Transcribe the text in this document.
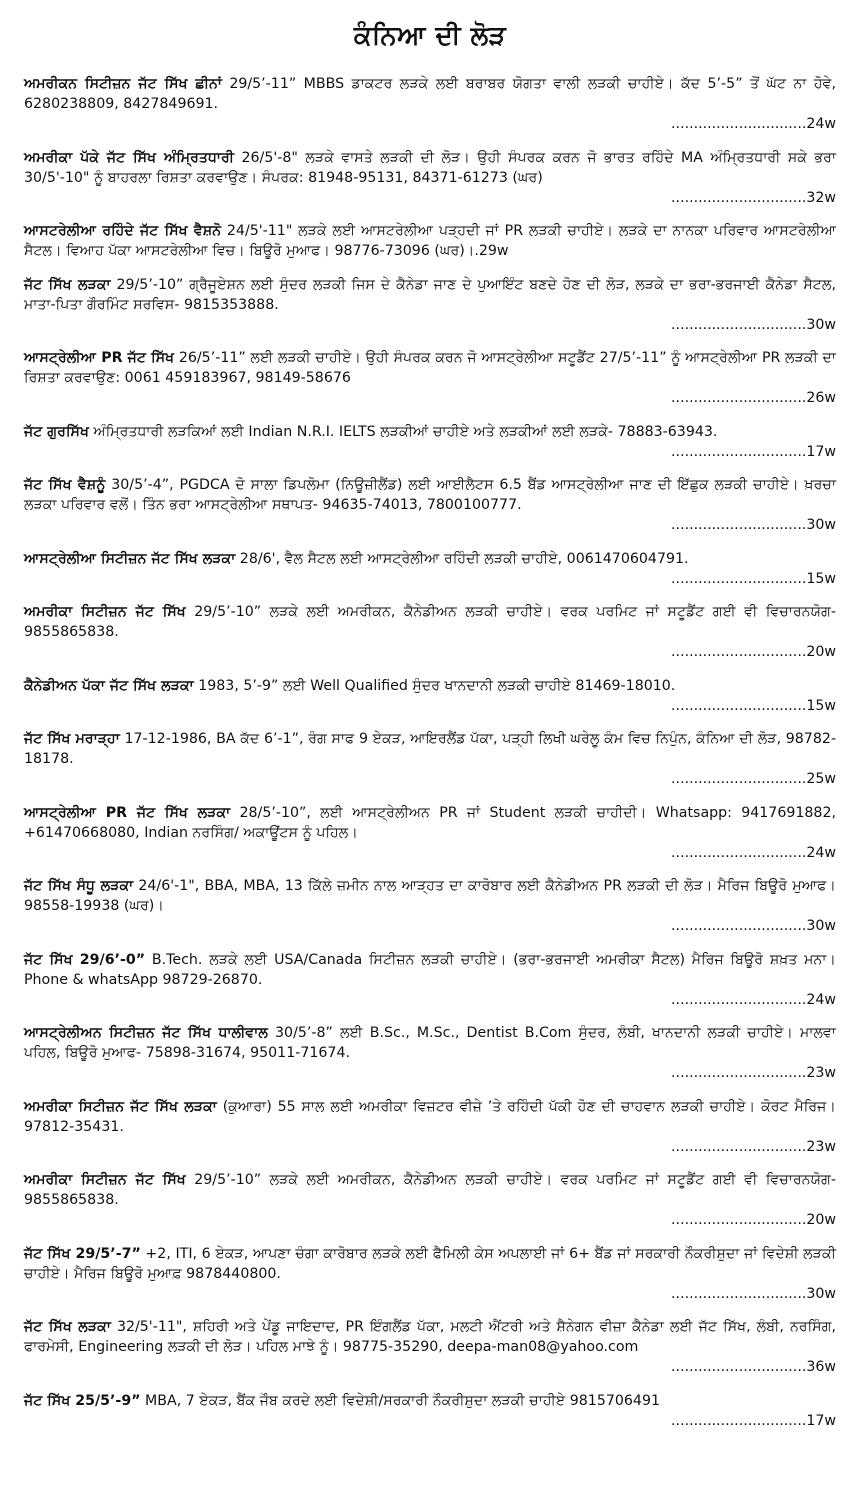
ਕੰਨਿਆ ਦੀ ਲੋੜ
ਅਮਰੀਕਨ ਸਿਟੀਜ਼ਨ ਜੱਟ ਸਿੱਖ ਛੀਨਾਂ 29/5’-11” MBBS ਡਾਕਟਰ ਲੜਕੇ ਲਈ ਬਰਾਬਰ ਯੋਗਤਾ ਵਾਲੀ ਲੜਕੀ ਚਾਹੀਏ। ਕੱਦ 5’-5” ਤੋਂ ਘੱਟ ਨਾ ਹੋਵੇ, 6280238809, 8427849691.
..............................24w
ਅਮਰੀਕਾ ਪੱਕੇ ਜੱਟ ਸਿੱਖ ਅੰਮ੍ਰਿਤਧਾਰੀ 26/5'-8" ਲੜਕੇ ਵਾਸਤੇ ਲੜਕੀ ਦੀ ਲੋੜ। ਉਹੀ ਸੰਪਰਕ ਕਰਨ ਜੋ ਭਾਰਤ ਰਹਿੰਦੇ MA ਅੰਮ੍ਰਿਤਧਾਰੀ ਸਕੇ ਭਰਾ 30/5'-10" ਨੂੰ ਬਾਹਰਲਾ ਰਿਸ਼ਤਾ ਕਰਵਾਉਣ। ਸੰਪਰਕ: 81948-95131, 84371-61273 (ਘਰ)
..............................32w
ਆਸਟਰੇਲੀਆ ਰਹਿੰਦੇ ਜੱਟ ਸਿੱਖ ਵੈਸ਼ਨੋ 24/5'-11" ਲੜਕੇ ਲਈ ਆਸਟਰੇਲੀਆ ਪੜ੍ਹਦੀ ਜਾਂ PR ਲੜਕੀ ਚਾਹੀਏ। ਲੜਕੇ ਦਾ ਨਾਨਕਾ ਪਰਿਵਾਰ ਆਸਟਰੇਲੀਆ ਸੈਟਲ। ਵਿਆਹ ਪੱਕਾ ਆਸਟਰੇਲੀਆ ਵਿਚ। ਬਿਊਰੋ ਮੁਆਫ। 98776-73096 (ਘਰ)।.29w
ਜੱਟ ਸਿੱਖ ਲੜਕਾ 29/5’-10” ਗ੍ਰੈਜੂਏਸ਼ਨ ਲਈ ਸੁੰਦਰ ਲੜਕੀ ਜਿਸ ਦੇ ਕੈਨੇਡਾ ਜਾਣ ਦੇ ਪੁਆਇੰਟ ਬਣਦੇ ਹੋਣ ਦੀ ਲੋੜ, ਲੜਕੇ ਦਾ ਭਰਾ-ਭਰਜਾਈ ਕੈਨੇਡਾ ਸੈਟਲ, ਮਾਤਾ-ਪਿਤਾ ਗੌਰਮਿੰਟ ਸਰਵਿਸ- 9815353888.
..............................30w
ਆਸਟ੍ਰੇਲੀਆ PR ਜੱਟ ਸਿੱਖ 26/5’-11” ਲਈ ਲੜਕੀ ਚਾਹੀਏ। ਉਹੀ ਸੰਪਰਕ ਕਰਨ ਜੋ ਆਸਟ੍ਰੇਲੀਆ ਸਟੂਡੈਂਟ 27/5’-11” ਨੂੰ ਆਸਟ੍ਰੇਲੀਆ PR ਲੜਕੀ ਦਾ ਰਿਸ਼ਤਾ ਕਰਵਾਉਣ: 0061 459183967, 98149-58676
..............................26w
ਜੱਟ ਗੁਰਸਿੱਖ ਅੰਮ੍ਰਿਤਧਾਰੀ ਲੜਕਿਆਂ ਲਈ Indian N.R.I. IELTS ਲੜਕੀਆਂ ਚਾਹੀਏ ਅਤੇ ਲੜਕੀਆਂ ਲਈ ਲੜਕੇ- 78883-63943.
..............................17w
ਜੱਟ ਸਿੱਖ ਵੈਸ਼ਨੂੰ 30/5’-4”, PGDCA ਦੋ ਸਾਲਾ ਡਿਪਲੋਮਾ (ਨਿਊਜ਼ੀਲੈਂਡ) ਲਈ ਆਈਲੈਟਸ 6.5 ਬੈਂਡ ਆਸਟ੍ਰੇਲੀਆ ਜਾਣ ਦੀ ਇੱਛੁਕ ਲੜਕੀ ਚਾਹੀਏ। ਖ਼ਰਚਾ ਲੜਕਾ ਪਰਿਵਾਰ ਵਲੋਂ। ਤਿੰਨ ਭਰਾ ਆਸਟ੍ਰੇਲੀਆ ਸਥਾਪਤ- 94635-74013, 7800100777.
..............................30w
ਆਸਟ੍ਰੇਲੀਆ ਸਿਟੀਜ਼ਨ ਜੱਟ ਸਿੱਖ ਲੜਕਾ 28/6', ਵੈਲ ਸੈਟਲ ਲਈ ਆਸਟ੍ਰੇਲੀਆ ਰਹਿੰਦੀ ਲੜਕੀ ਚਾਹੀਏ, 0061470604791.
..............................15w
ਅਮਰੀਕਾ ਸਿਟੀਜ਼ਨ ਜੱਟ ਸਿੱਖ 29/5’-10” ਲੜਕੇ ਲਈ ਅਮਰੀਕਨ, ਕੈਨੇਡੀਅਨ ਲੜਕੀ ਚਾਹੀਏ। ਵਰਕ ਪਰਮਿਟ ਜਾਂ ਸਟੂਡੈਂਟ ਗਈ ਵੀ ਵਿਚਾਰਨਯੋਗ- 9855865838.
..............................20w
ਕੈਨੇਡੀਅਨ ਪੱਕਾ ਜੱਟ ਸਿੱਖ ਲੜਕਾ 1983, 5’-9” ਲਈ Well Qualified ਸੁੰਦਰ ਖਾਨਦਾਨੀ ਲੜਕੀ ਚਾਹੀਏ 81469-18010.
..............................15w
ਜੱਟ ਸਿੱਖ ਮਰਾੜ੍ਹਾ 17-12-1986, BA ਕੱਦ 6’-1”, ਰੰਗ ਸਾਫ 9 ਏਕੜ, ਆਇਰਲੈਂਡ ਪੱਕਾ, ਪੜ੍ਹੀ ਲਿਖੀ ਘਰੇਲੂ ਕੰਮ ਵਿਚ ਨਿਪੁੰਨ, ਕੰਨਿਆ ਦੀ ਲੋੜ, 98782-18178.
..............................25w
ਆਸਟ੍ਰੇਲੀਆ PR ਜੱਟ ਸਿੱਖ ਲੜਕਾ 28/5’-10”, ਲਈ ਆਸਟ੍ਰੇਲੀਅਨ PR ਜਾਂ Student ਲੜਕੀ ਚਾਹੀਦੀ। Whatsapp: 9417691882, +61470668080, Indian ਨਰਸਿੰਗ/ ਅਕਾਊਂਟਸ ਨੂੰ ਪਹਿਲ।
..............................24w
ਜੱਟ ਸਿੱਖ ਸੰਧੂ ਲੜਕਾ 24/6'-1", BBA, MBA, 13 ਕਿੱਲੇ ਜ਼ਮੀਨ ਨਾਲ ਆੜ੍ਹਤ ਦਾ ਕਾਰੋਬਾਰ ਲਈ ਕੈਨੇਡੀਅਨ PR ਲੜਕੀ ਦੀ ਲੋੜ। ਮੈਰਿਜ ਬਿਊਰੋ ਮੁਆਫ। 98558-19938 (ਘਰ)।
..............................30w
ਜੱਟ ਸਿੱਖ 29/6’-0” B.Tech. ਲੜਕੇ ਲਈ USA/Canada ਸਿਟੀਜ਼ਨ ਲੜਕੀ ਚਾਹੀਏ। (ਭਰਾ-ਭਰਜਾਈ ਅਮਰੀਕਾ ਸੈਟਲ) ਮੈਰਿਜ ਬਿਊਰੋ ਸ਼ਖ਼ਤ ਮਨਾ। Phone & whatsApp 98729-26870.
..............................24w
ਆਸਟ੍ਰੇਲੀਅਨ ਸਿਟੀਜ਼ਨ ਜੱਟ ਸਿੱਖ ਧਾਲੀਵਾਲ 30/5’-8” ਲਈ B.Sc., M.Sc., Dentist B.Com ਸੁੰਦਰ, ਲੰਬੀ, ਖਾਨਦਾਨੀ ਲੜਕੀ ਚਾਹੀਏ। ਮਾਲਵਾ ਪਹਿਲ, ਬਿਊਰੋ ਮੁਆਫ- 75898-31674, 95011-71674.
..............................23w
ਅਮਰੀਕਾ ਸਿਟੀਜ਼ਨ ਜੱਟ ਸਿੱਖ ਲੜਕਾ (ਕੁਆਰਾ) 55 ਸਾਲ ਲਈ ਅਮਰੀਕਾ ਵਿਜ਼ਟਰ ਵੀਜ਼ੇ ’ਤੇ ਰਹਿੰਦੀ ਪੱਕੀ ਹੋਣ ਦੀ ਚਾਹਵਾਨ ਲੜਕੀ ਚਾਹੀਏ। ਕੋਰਟ ਮੈਰਿਜ। 97812-35431.
..............................23w
ਅਮਰੀਕਾ ਸਿਟੀਜ਼ਨ ਜੱਟ ਸਿੱਖ 29/5’-10” ਲੜਕੇ ਲਈ ਅਮਰੀਕਨ, ਕੈਨੇਡੀਅਨ ਲੜਕੀ ਚਾਹੀਏ। ਵਰਕ ਪਰਮਿਟ ਜਾਂ ਸਟੂਡੈਂਟ ਗਈ ਵੀ ਵਿਚਾਰਨਯੋਗ- 9855865838.
..............................20w
ਜੱਟ ਸਿੱਖ 29/5’-7” +2, ITI, 6 ਏਕੜ, ਆਪਣਾ ਚੰਗਾ ਕਾਰੋਬਾਰ ਲੜਕੇ ਲਈ ਫੈਮਿਲੀ ਕੇਸ ਅਪਲਾਈ ਜਾਂ 6+ ਬੈਂਡ ਜਾਂ ਸਰਕਾਰੀ ਨੌਕਰੀਸ਼ੁਦਾ ਜਾਂ ਵਿਦੇਸ਼ੀ ਲੜਕੀ ਚਾਹੀਏ। ਮੈਰਿਜ ਬਿਊਰੋ ਮੁਆਫ਼ 9878440800.
..............................30w
ਜੱਟ ਸਿੱਖ ਲੜਕਾ 32/5'-11", ਸ਼ਹਿਰੀ ਅਤੇ ਪੇਂਡੂ ਜਾਇਦਾਦ, PR ਇੰਗਲੈਂਡ ਪੱਕਾ, ਮਲਟੀ ਐਂਟਰੀ ਅਤੇ ਸ਼ੈਨੇਗਨ ਵੀਜ਼ਾ ਕੈਨੇਡਾ ਲਈ ਜੱਟ ਸਿੱਖ, ਲੰਬੀ, ਨਰਸਿੰਗ, ਫਾਰਮੇਸੀ, Engineering ਲੜਕੀ ਦੀ ਲੋੜ। ਪਹਿਲ ਮਾਝੇ ਨੂੰ। 98775-35290, deepa-man08@yahoo.com
..............................36w
ਜੱਟ ਸਿੱਖ 25/5’-9” MBA, 7 ਏਕੜ, ਬੈਂਕ ਜੌਬ ਕਰਦੇ ਲਈ ਵਿਦੇਸ਼ੀ/ਸਰਕਾਰੀ ਨੌਕਰੀਸ਼ੁਦਾ ਲੜਕੀ ਚਾਹੀਏ 9815706491
..............................17w
